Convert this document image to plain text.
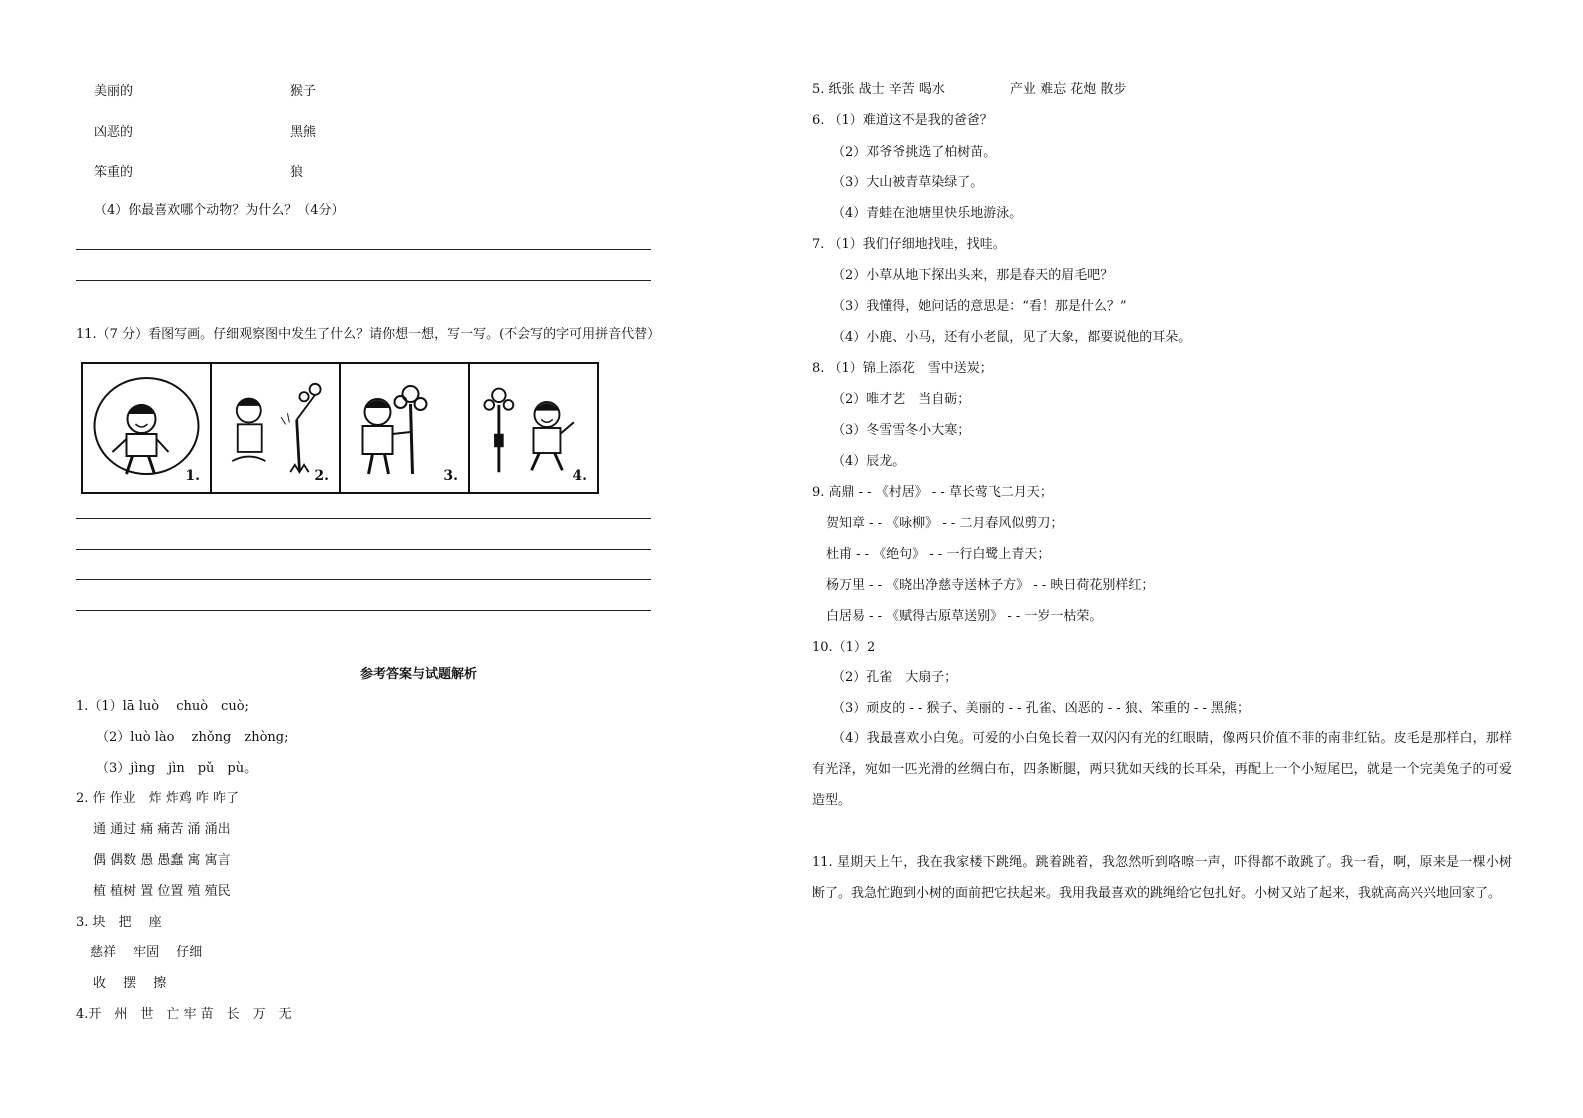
美丽的	猴子
凶恶的	黑熊
笨重的	狼
（4）你最喜欢哪个动物？为什么？（4分）
11.（7 分）看图写画。仔细观察图中发生了什么？请你想一想，写一写。(不会写的字可用拼音代替）
1.	2.	3.	4.
参考答案与试题解析
1.（1）lā luò　 chuò　cuò;
（2）luò lào　 zhǒng　zhòng;
（3）jìng　jìn　pǔ　pù。
2. 作 作业　炸 炸鸡 咋 咋了
通 通过 痛 痛苦 涌 涌出
偶 偶数 愚 愚蠢 寓 寓言
植 植树 置 位置 殖 殖民
3. 块　把　 座
慈祥　 牢固　 仔细
收　 摆　 擦
4.开　州　世　亡 牢 苗　长　万　无
5. 纸张 战士 辛苦 喝水　　　　　产业 难忘 花炮 散步
6. （1）难道这不是我的爸爸？
（2）邓爷爷挑选了柏树苗。
（3）大山被青草染绿了。
（4）青蛙在池塘里快乐地游泳。
7. （1）我们仔细地找哇，找哇。
（2）小草从地下探出头来，那是春天的眉毛吧？
（3）我懂得，她问话的意思是：“看！那是什么？”
（4）小鹿、小马，还有小老鼠，见了大象，都要说他的耳朵。
8. （1）锦上添花　雪中送炭；
（2）唯才艺　当自砺；
（3）冬雪雪冬小大寒；
（4）辰龙。
9. 高鼎 - - 《村居》 - - 草长莺飞二月天；
贺知章 - - 《咏柳》 - - 二月春风似剪刀；
杜甫 - - 《绝句》 - - 一行白鹭上青天；
杨万里 - - 《晓出净慈寺送林子方》 - - 映日荷花别样红；
白居易 - - 《赋得古原草送别》 - - 一岁一枯荣。
10.（1）2
（2）孔雀　大扇子；
（3）顽皮的 - - 猴子、美丽的 - - 孔雀、凶恶的 - - 狼、笨重的 - - 黑熊；
（4）我最喜欢小白兔。可爱的小白兔长着一双闪闪有光的红眼睛，像两只价值不菲的南非红钻。皮毛是那样白，那样有光泽，宛如一匹光滑的丝绸白布，四条断腿，两只犹如天线的长耳朵，再配上一个小短尾巴，就是一个完美兔子的可爱造型。
11. 星期天上午，我在我家楼下跳绳。跳着跳着，我忽然听到咯嚓一声，吓得都不敢跳了。我一看，啊，原来是一棵小树断了。我急忙跑到小树的面前把它扶起来。我用我最喜欢的跳绳给它包扎好。小树又站了起来，我就高高兴兴地回家了。
